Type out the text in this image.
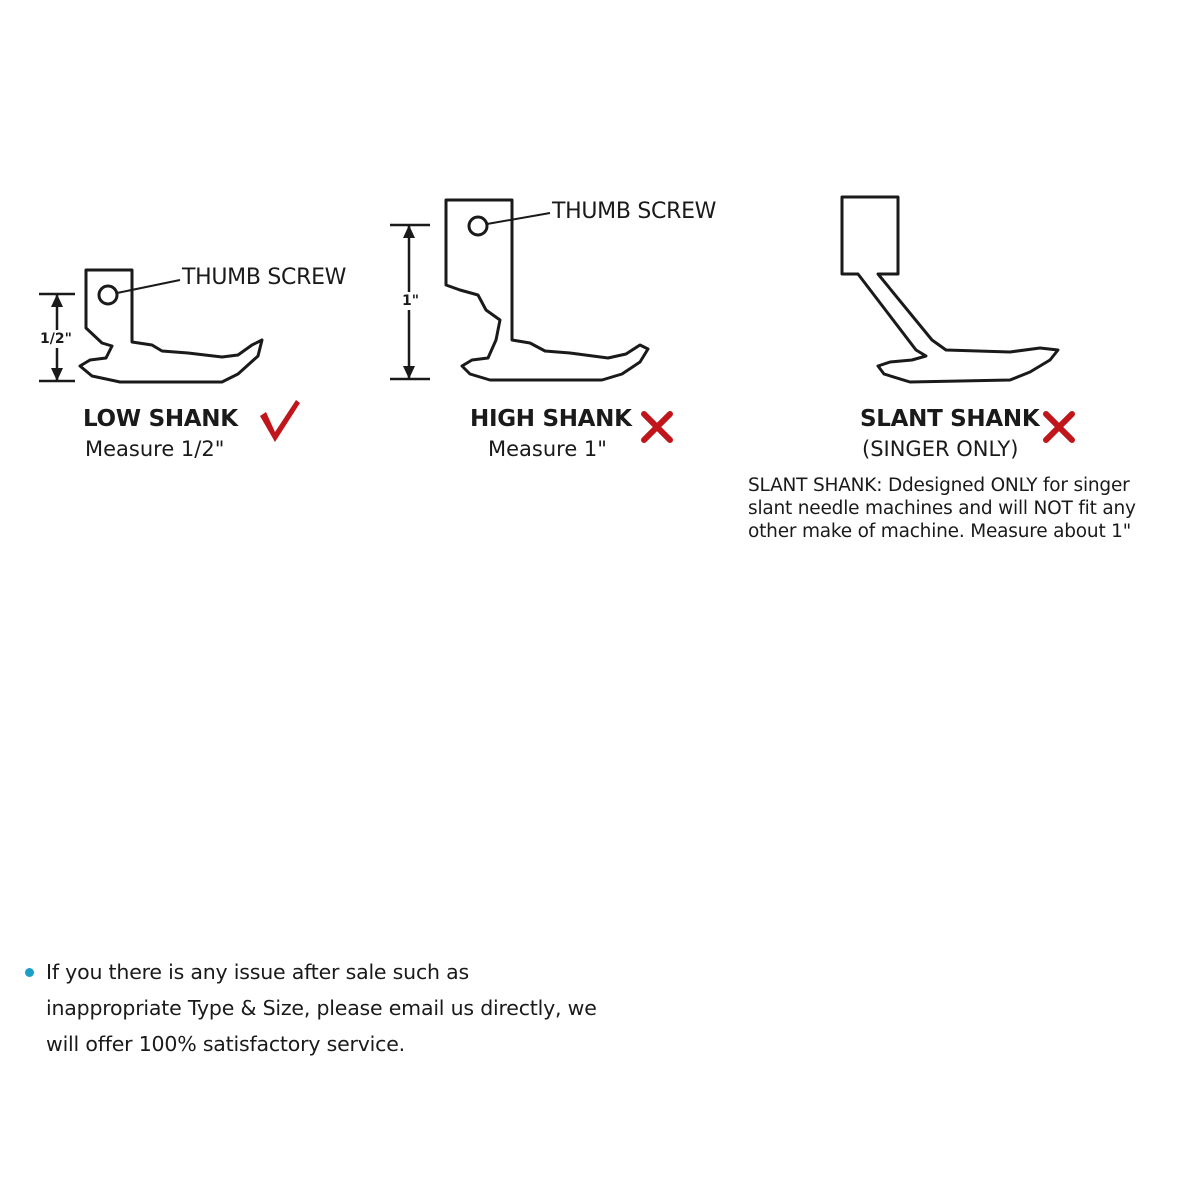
1/2"
THUMB SCREW
LOW SHANK
Measure 1/2"
1"
THUMB SCREW
HIGH SHANK
Measure 1"
SLANT SHANK
(SINGER ONLY)
SLANT SHANK: Ddesigned ONLY for singer slant needle machines and will NOT fit any other make of machine. Measure about 1"
If you there is any issue after sale such as inappropriate Type & Size, please email us directly, we will offer 100% satisfactory service.
